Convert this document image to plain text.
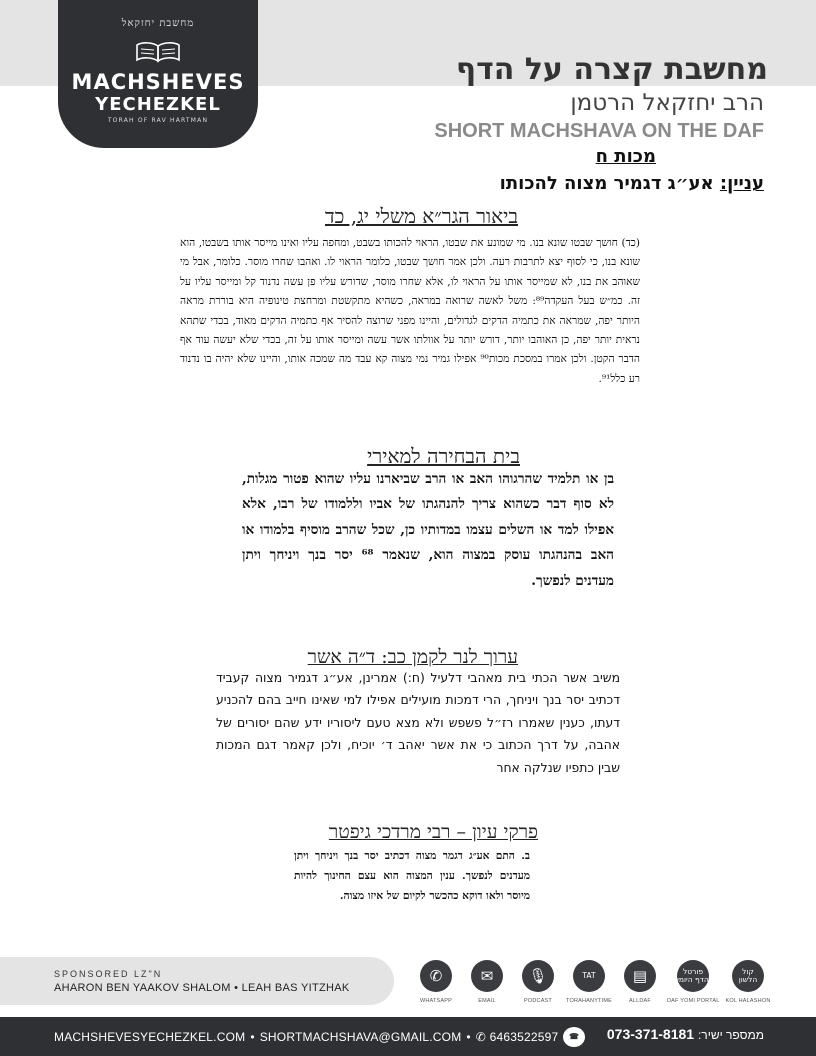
מחשבת יחזקאל
MACHSHEVES
YECHEZKEL
TORAH OF RAV HARTMAN
מחשבת קצרה על הדף
הרב יחזקאל הרטמן
SHORT MACHSHAVA ON THE DAF
מכות ח
עניין: אע״ג דגמיר מצוה להכותו
ביאור הגר״א משלי יג, כד
(כד) חושך שבטו שונא בנו. מי שמונע את שבטו, הראוי להכותו בשבט, ומחפה עליו ואינו מייסר אותו בשבטו, הוא שונא בנו, כי לסוף יצא לתרבות רעה. ולכן אמר חושך שבטו, כלומר הראוי לו. ואהבו שחרו מוסר. כלומר, אבל מי שאוהב את בנו, לא שמייסר אותו על הראוי לו, אלא שחרו מוסר, שדורש עליו פן עשה נדנוד קל ומייסר עליו על זה. כמ״ש בעל העקדה⁸⁹: משל לאשה שרואה במראה, כשהיא מתקשטת ומרחצת טינופיה היא בוררת מראה היותר יפה, שמראה את כתמיה הדקים לגדולים, והיינו מפני שרוצה להסיר אף כתמיה הדקים מאוד, בכדי שתהא נראית יותר יפה, כן האוהבו יותר, דורש יותר על אוולתו אשר עשה ומייסר אותו על זה, בכדי שלא יעשה עוד אף הדבר הקטן. ולכן אמרו במסכת מכות⁹⁰ אפילו גמיר נמי מצוה קא עבד מה שמכה אותו, והיינו שלא יהיה בו נדנוד רע כלל⁹¹.
בית הבחירה למאירי
בן או תלמיד שהרגוהו האב או הרב שביארנו עליו שהוא פטור מגלות, לא סוף דבר כשהוא צריך להנהגתו של אביו וללמודו של רבו, אלא אפילו למד או השלים עצמו במדותיו כן, שכל שהרב מוסיף בלמודו או האב בהנהגתו עוסק במצוה הוא, שנאמר ⁶⁸ יסר בנך ויניחך ויתן מעדנים לנפשך.
ערוך לנר לקמן כב: ד״ה אשר
משיב אשר הכתי בית מאהבי דלעיל (ח:) אמרינן, אע״ג דגמיר מצוה קעביד דכתיב יסר בנך ויניחך, הרי דמכות מועילים אפילו למי שאינו חייב בהם להכניע דעתו, כענין שאמרו רז״ל פשפש ולא מצא טעם ליסוריו ידע שהם יסורים של אהבה, על דרך הכתוב כי את אשר יאהב ד׳ יוכיח, ולכן קאמר דגם המכות שבין כתפיו שנלקה אחר
פרקי עיון – רבי מרדכי גיפטר
ב. התם אע״ג דגמר מצוה דכתיב יסר בנך ויניחך ויתן מעדנים לנפשך. ענין המצוה הוא עצם החינוך להיות מיוסר ולאו דוקא כהכשר לקיום של איזו מצוה.
SPONSORED LZ"N
AHARON BEN YAAKOV SHALOM • LEAH BAS YITZHAK
✆
WHATSAPP
✉
EMAIL
🎙
PODCAST
TAT
TORAHANYTIME
▤
ALLDAF
פורטל הדף היומי
DAF YOMI PORTAL
קול הלשון
KOL HALASHON
MACHSHEVESYECHEZKEL.COM • SHORTMACHSHAVA@GMAIL.COM • ✆ 6463522597	☎	ממספר ישיר: 073-371-8181
